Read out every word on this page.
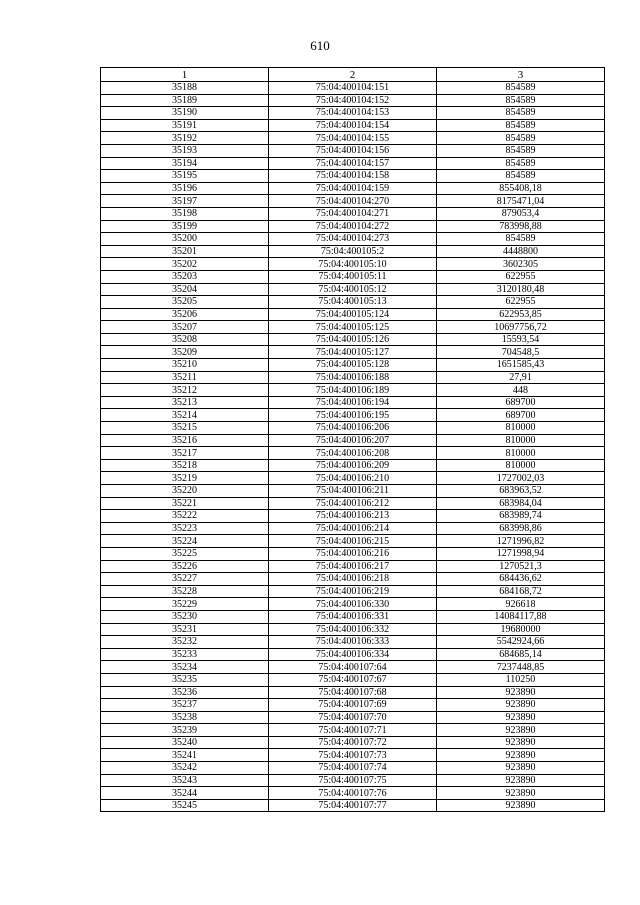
610
1	2	3
35188	75:04:400104:151	854589
35189	75:04:400104:152	854589
35190	75:04:400104:153	854589
35191	75:04:400104:154	854589
35192	75:04:400104:155	854589
35193	75:04:400104:156	854589
35194	75:04:400104:157	854589
35195	75:04:400104:158	854589
35196	75:04:400104:159	855408,18
35197	75:04:400104:270	8175471,04
35198	75:04:400104:271	879053,4
35199	75:04:400104:272	783998,88
35200	75:04:400104:273	854589
35201	75:04:400105:2	4448800
35202	75:04:400105:10	3602305
35203	75:04:400105:11	622955
35204	75:04:400105:12	3120180,48
35205	75:04:400105:13	622955
35206	75:04:400105:124	622953,85
35207	75:04:400105:125	10697756,72
35208	75:04:400105:126	15593,54
35209	75:04:400105:127	704548,5
35210	75:04:400105:128	1651585,43
35211	75:04:400106:188	27,91
35212	75:04:400106:189	448
35213	75:04:400106:194	689700
35214	75:04:400106:195	689700
35215	75:04:400106:206	810000
35216	75:04:400106:207	810000
35217	75:04:400106:208	810000
35218	75:04:400106:209	810000
35219	75:04:400106:210	1727002,03
35220	75:04:400106:211	683963,52
35221	75:04:400106:212	683984,04
35222	75:04:400106:213	683989,74
35223	75:04:400106:214	683998,86
35224	75:04:400106:215	1271996,82
35225	75:04:400106:216	1271998,94
35226	75:04:400106:217	1270521,3
35227	75:04:400106:218	684436,62
35228	75:04:400106:219	684168,72
35229	75:04:400106:330	926618
35230	75:04:400106:331	14084117,88
35231	75:04:400106:332	19680000
35232	75:04:400106:333	5542924,66
35233	75:04:400106:334	684685,14
35234	75:04:400107:64	7237448,85
35235	75:04:400107:67	110250
35236	75:04:400107:68	923890
35237	75:04:400107:69	923890
35238	75:04:400107:70	923890
35239	75:04:400107:71	923890
35240	75:04:400107:72	923890
35241	75:04:400107:73	923890
35242	75:04:400107:74	923890
35243	75:04:400107:75	923890
35244	75:04:400107:76	923890
35245	75:04:400107:77	923890
